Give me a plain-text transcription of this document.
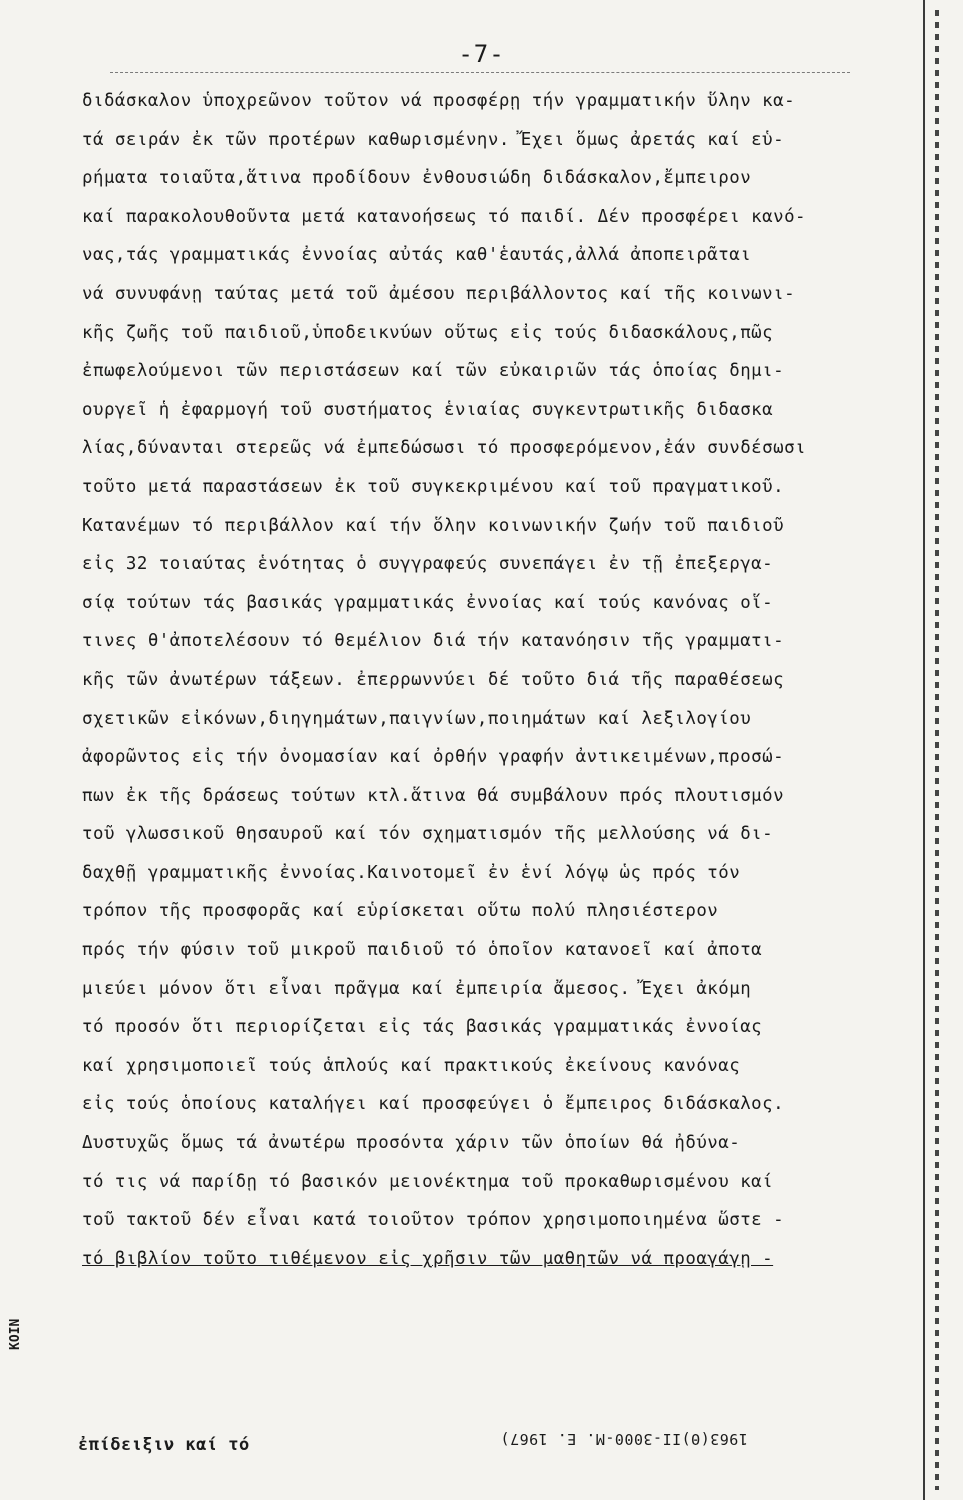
-7-
διδάσκαλον ὑποχρεῶνον τοῦτον νά προσφέρῃ τήν γραμματικήν ὕλην κα-
τά σειράν ἐκ τῶν προτέρων καθωρισμένην. Ἔχει ὅμως ἀρετάς καί εὑ-
ρήματα τοιαῦτα,ἅτινα προδίδουν ἐνθουσιώδη διδάσκαλον,ἔμπειρον
καί παρακολουθοῦντα μετά κατανοήσεως τό παιδί. Δέν προσφέρει κανό-
νας,τάς γραμματικάς ἐννοίας αὐτάς καθ'ἑαυτάς,ἀλλά ἀποπειρᾶται
νά συνυφάνῃ ταύτας μετά τοῦ ἀμέσου περιβάλλοντος καί τῆς κοινωνι-
κῆς ζωῆς τοῦ παιδιοῦ,ὑποδεικνύων οὕτως εἰς τούς διδασκάλους,πῶς
ἐπωφελούμενοι τῶν περιστάσεων καί τῶν εὐκαιριῶν τάς ὁποίας δημι-
ουργεῖ ἡ ἐφαρμογή τοῦ συστήματος ἑνιαίας συγκεντρωτικῆς διδασκα
λίας,δύνανται στερεῶς νά ἐμπεδώσωσι τό προσφερόμενον,ἐάν συνδέσωσι
τοῦτο μετά παραστάσεων ἐκ τοῦ συγκεκριμένου καί τοῦ πραγματικοῦ.
Κατανέμων τό περιβάλλον καί τήν ὅλην κοινωνικήν ζωήν τοῦ παιδιοῦ
εἰς 32 τοιαύτας ἑνότητας ὁ συγγραφεύς συνεπάγει ἐν τῇ ἐπεξεργα-
σίᾳ τούτων τάς βασικάς γραμματικάς ἐννοίας καί τούς κανόνας οἵ-
τινες θ'ἀποτελέσουν τό θεμέλιον διά τήν κατανόησιν τῆς γραμματι-
κῆς τῶν ἀνωτέρων τάξεων. ἐπερρωννύει δέ τοῦτο διά τῆς παραθέσεως
σχετικῶν εἰκόνων,διηγημάτων,παιγνίων,ποιημάτων καί λεξιλογίου
ἀφορῶντος εἰς τήν ὀνομασίαν καί ὀρθήν γραφήν ἀντικειμένων,προσώ-
πων ἐκ τῆς δράσεως τούτων κτλ.ἅτινα θά συμβάλουν πρός πλουτισμόν
τοῦ γλωσσικοῦ θησαυροῦ καί τόν σχηματισμόν τῆς μελλούσης νά δι-
δαχθῇ γραμματικῆς ἐννοίας.Καινοτομεῖ ἐν ἑνί λόγῳ ὡς πρός τόν
τρόπον τῆς προσφορᾶς καί εὑρίσκεται οὕτω πολύ πλησιέστερον
πρός τήν φύσιν τοῦ μικροῦ παιδιοῦ τό ὁποῖον κατανοεῖ καί ἀποτα
μιεύει μόνον ὅτι εἶναι πρᾶγμα καί ἐμπειρία ἄμεσος. Ἔχει ἀκόμη
τό προσόν ὅτι περιορίζεται εἰς τάς βασικάς γραμματικάς ἐννοίας
καί χρησιμοποιεῖ τούς ἁπλούς καί πρακτικούς ἐκείνους κανόνας
εἰς τούς ὁποίους καταλήγει καί προσφεύγει ὁ ἔμπειρος διδάσκαλος.
Δυστυχῶς ὅμως τά ἀνωτέρω προσόντα χάριν τῶν ὁποίων θά ἠδύνα-
τό τις νά παρίδῃ τό βασικόν μειονέκτημα τοῦ προκαθωρισμένου καί
τοῦ τακτοῦ δέν εἶναι κατά τοιοῦτον τρόπον χρησιμοποιημένα ὥστε -
τό βιβλίον τοῦτο τιθέμενον εἰς χρῆσιν τῶν μαθητῶν νά προαγάγῃ -
ἐπίδειξιν καί τό	1963(Θ)ΙΙ-3000-Μ. Ε. 1967)
ΚΟΙΝ
